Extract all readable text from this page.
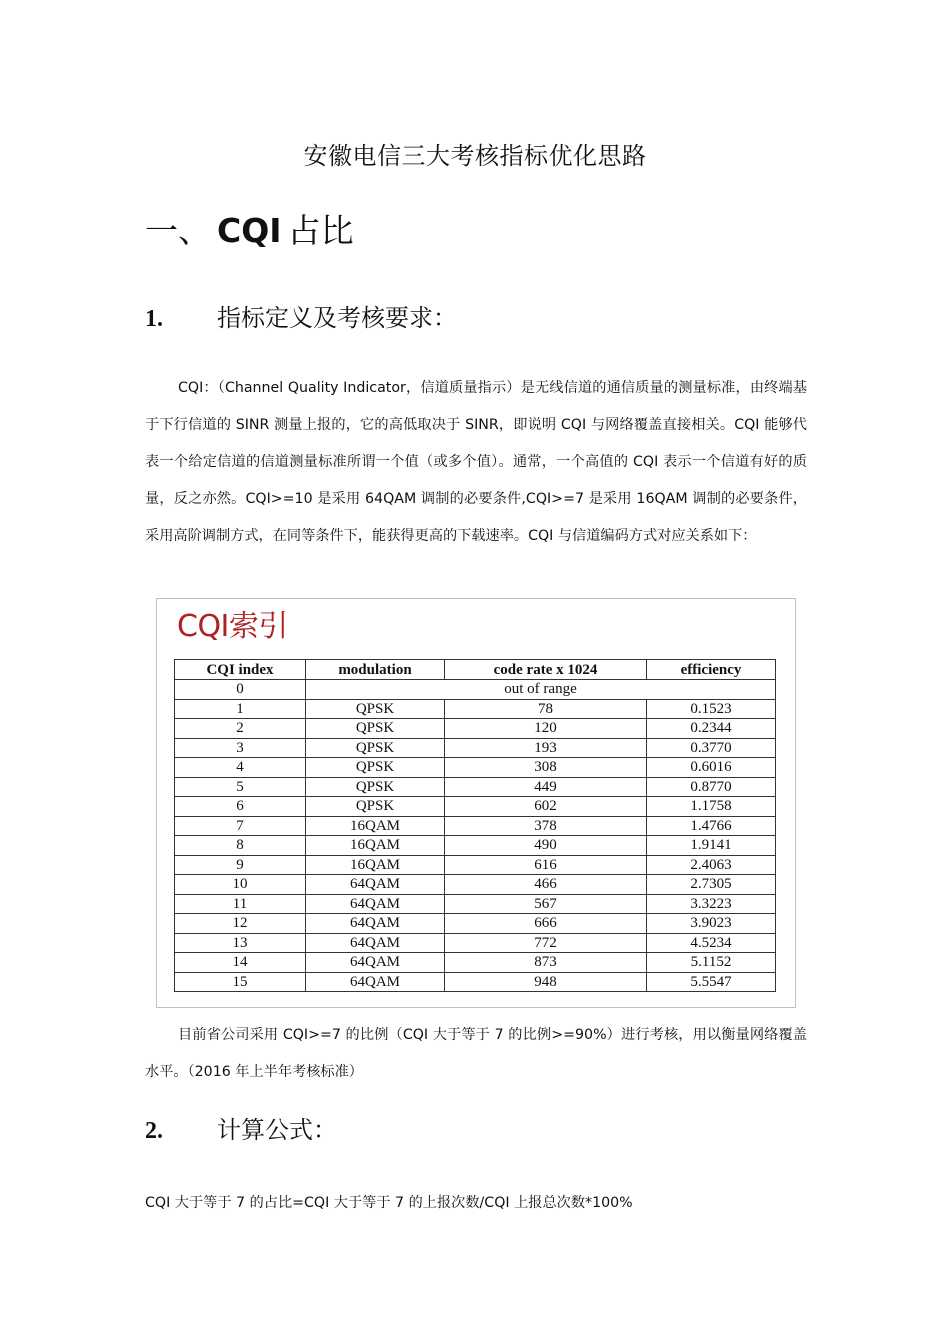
安徽电信三大考核指标优化思路
一、 CQI 占比
1. 指标定义及考核要求：
CQI：（Channel Quality Indicator，信道质量指示）是无线信道的通信质量的测量标准，由终端基于下行信道的 SINR 测量上报的，它的高低取决于 SINR，即说明 CQI 与网络覆盖直接相关。CQI 能够代表一个给定信道的信道测量标准所谓一个值（或多个值）。通常，一个高值的 CQI 表示一个信道有好的质量，反之亦然。CQI>=10 是采用 64QAM 调制的必要条件,CQI>=7 是采用 16QAM 调制的必要条件，采用高阶调制方式，在同等条件下，能获得更高的下载速率。CQI 与信道编码方式对应关系如下：
CQI索引
CQI index	modulation	code rate x 1024	efficiency
0	out of range		
1	QPSK	78	0.1523
2	QPSK	120	0.2344
3	QPSK	193	0.3770
4	QPSK	308	0.6016
5	QPSK	449	0.8770
6	QPSK	602	1.1758
7	16QAM	378	1.4766
8	16QAM	490	1.9141
9	16QAM	616	2.4063
10	64QAM	466	2.7305
11	64QAM	567	3.3223
12	64QAM	666	3.9023
13	64QAM	772	4.5234
14	64QAM	873	5.1152
15	64QAM	948	5.5547
目前省公司采用 CQI>=7 的比例（CQI 大于等于 7 的比例>=90%）进行考核，用以衡量网络覆盖水平。（2016 年上半年考核标准）
2. 计算公式：
CQI 大于等于 7 的占比=CQI 大于等于 7 的上报次数/CQI 上报总次数*100%
